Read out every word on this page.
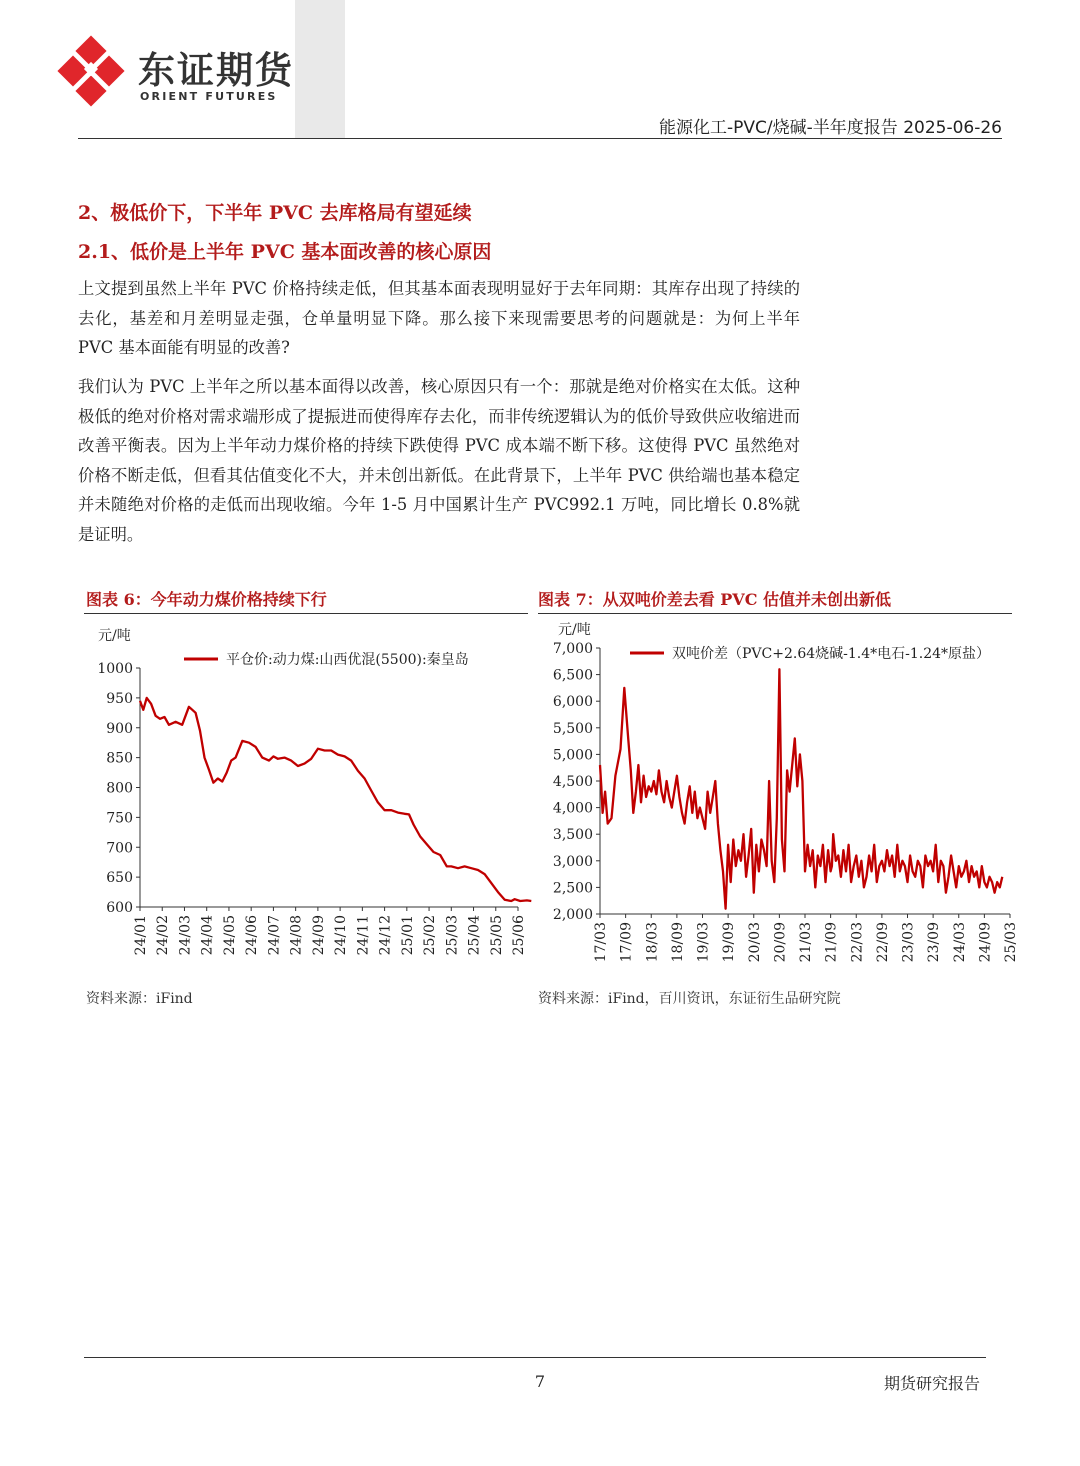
东证期货
ORIENT FUTURES
能源化工-PVC/烧碱-半年度报告 2025-06-26
2、极低价下，下半年 PVC 去库格局有望延续
2.1、低价是上半年 PVC 基本面改善的核心原因
上文提到虽然上半年 PVC 价格持续走低，但其基本面表现明显好于去年同期：其库存出现了持续的去化，基差和月差明显走强，仓单量明显下降。那么接下来现需要思考的问题就是：为何上半年 PVC 基本面能有明显的改善?
我们认为 PVC 上半年之所以基本面得以改善，核心原因只有一个：那就是绝对价格实在太低。这种极低的绝对价格对需求端形成了提振进而使得库存去化，而非传统逻辑认为的低价导致供应收缩进而改善平衡表。因为上半年动力煤价格的持续下跌使得 PVC 成本端不断下移。这使得 PVC 虽然绝对价格不断走低，但看其估值变化不大，并未创出新低。在此背景下，上半年 PVC 供给端也基本稳定并未随绝对价格的走低而出现收缩。今年 1-5 月中国累计生产 PVC992.1 万吨，同比增长 0.8%就是证明。
图表 6：今年动力煤价格持续下行	图表 7：从双吨价差去看 PVC 估值并未创出新低
600
650
700
750
800
850
900
950
1000
24/01 24/02 24/03 24/04 24/05 24/06 24/07 24/08 24/09 24/10 24/11 24/12 25/01 25/02 25/03 25/04 25/05 25/06
元/吨
平仓价:动力煤:山西优混(5500):秦皇岛
2,000
2,500
3,000
3,500
4,000
4,500
5,000
5,500
6,000
6,500
7,000
17/03 17/09 18/03 18/09 19/03 19/09 20/03 20/09 21/03 21/09 22/03 22/09 23/03 23/09 24/03 24/09 25/03
元/吨
双吨价差（PVC+2.64烧碱-1.4*电石-1.24*原盐）
资料来源：iFind	资料来源：iFind，百川资讯，东证衍生品研究院
7	期货研究报告
